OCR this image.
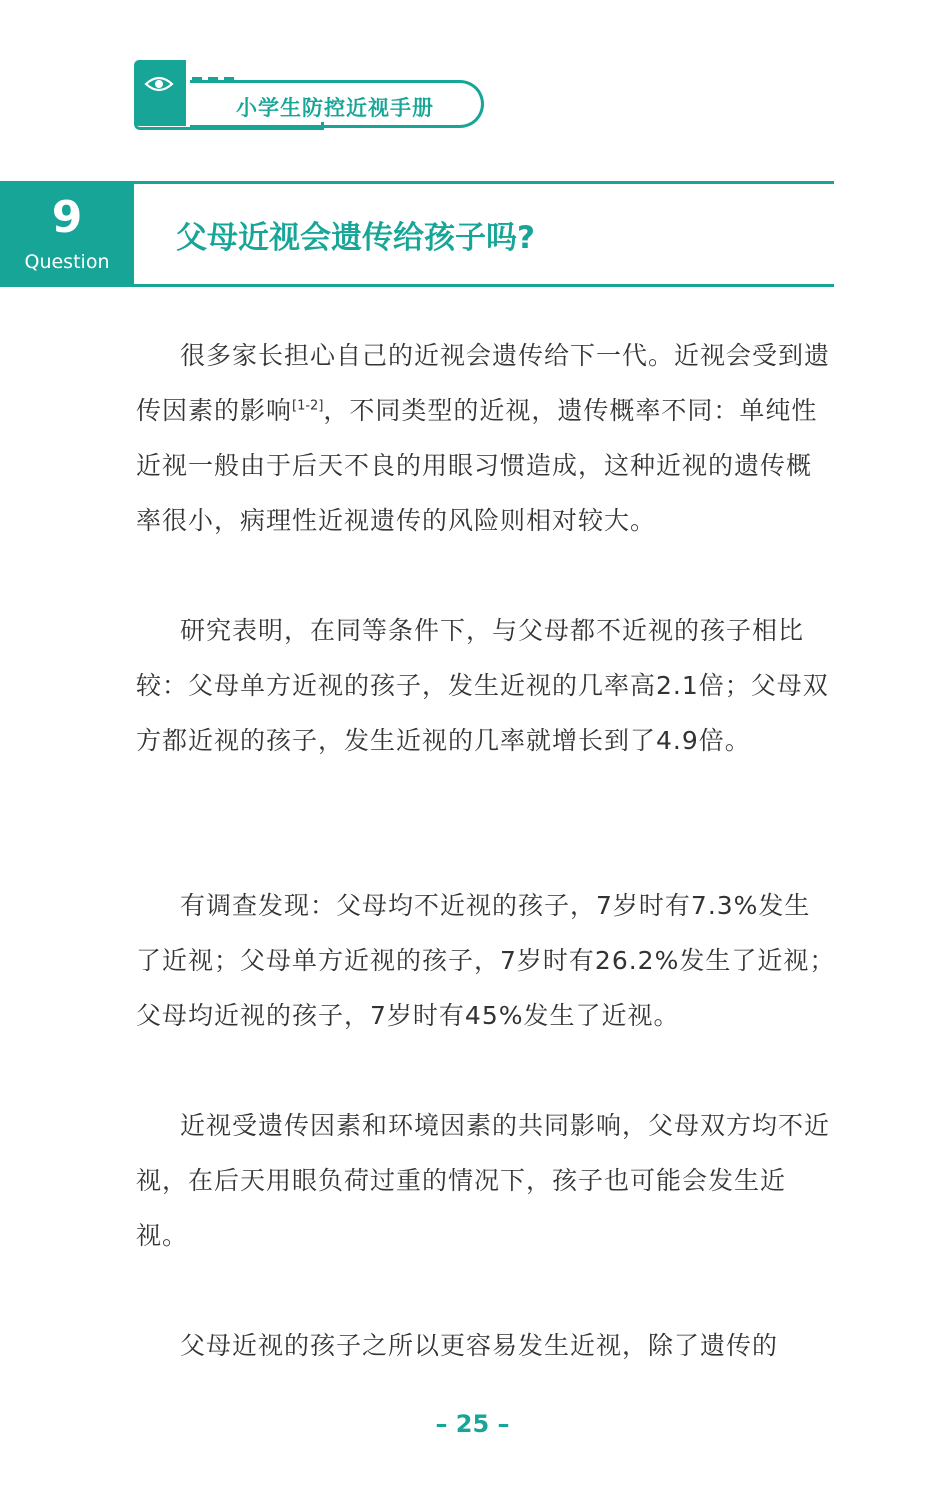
小学生防控近视手册
9
Question
父母近视会遗传给孩子吗?

很多家长担心自己的近视会遗传给下一代。近视会受到遗传因素的影响[1-2]，不同类型的近视，遗传概率不同：单纯性近视一般由于后天不良的用眼习惯造成，这种近视的遗传概率很小，病理性近视遗传的风险则相对较大。

研究表明，在同等条件下，与父母都不近视的孩子相比较：父母单方近视的孩子，发生近视的几率高2.1倍；父母双方都近视的孩子，发生近视的几率就增长到了4.9倍。

有调查发现：父母均不近视的孩子，7岁时有7.3%发生了近视；父母单方近视的孩子，7岁时有26.2%发生了近视；父母均近视的孩子，7岁时有45%发生了近视。

近视受遗传因素和环境因素的共同影响，父母双方均不近视，在后天用眼负荷过重的情况下，孩子也可能会发生近视。

父母近视的孩子之所以更容易发生近视，除了遗传的

– 25 –
